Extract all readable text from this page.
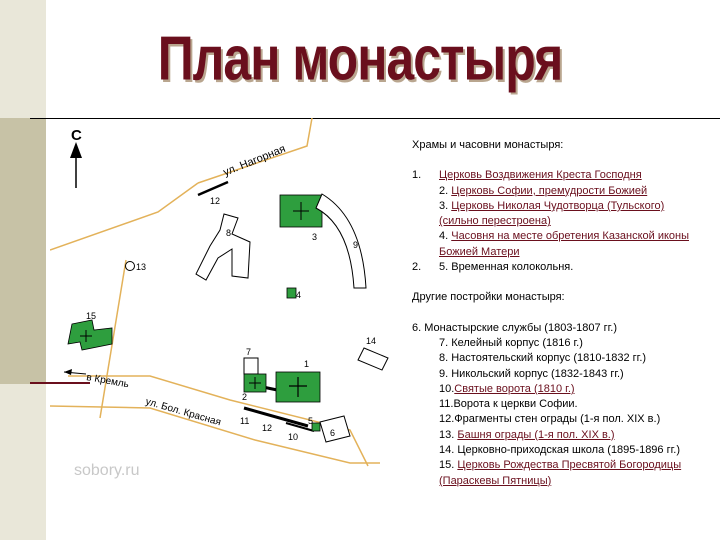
План монастыря
С
ул. Нагорная
в Кремль
ул. Бол. Красная
12
8	3
9
13
4
15
14
7
1
2
11
12
10
5
6
sobory.ru

Храмы и часовни монастыря:

1. Церковь Воздвижения Креста Господня
2. Церковь Софии, премудрости Божией
3. Церковь Николая Чудотворца (Тульского) (сильно перестроена)
4. Часовня на месте обретения Казанской иконы Божией Матери
2. 5. Временная колокольня.

Другие постройки монастыря:

6. Монастырские службы (1803-1807 гг.)

7. Келейный корпус (1816 г.)

8. Настоятельский корпус (1810-1832 гг.)

9. Никольский корпус (1832-1843 гг.)

10.Святые ворота (1810 г.)

11.Ворота к церкви Софии.

12.Фрагменты стен ограды (1-я пол. XIX в.)

13. Башня ограды (1-я пол. XIX в.)

14. Церковно-приходская школа (1895-1896 гг.)

15. Церковь Рождества Пресвятой Богородицы (Параскевы Пятницы)
